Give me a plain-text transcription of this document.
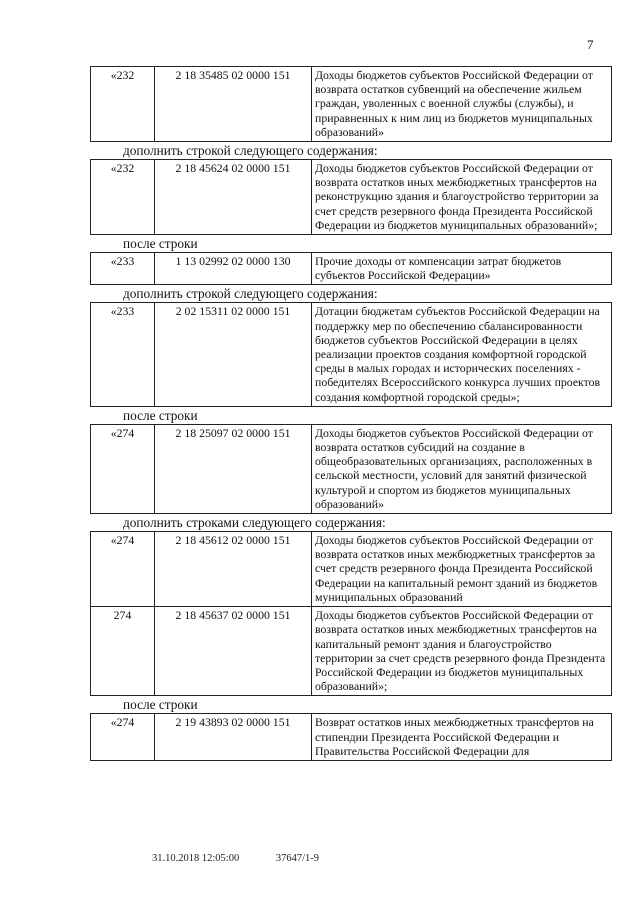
7
«232	2 18 35485 02 0000 151	Доходы бюджетов субъектов Российской Федерации от возврата остатков субвенций на обеспечение жильем граждан, уволенных с военной службы (службы), и приравненных к ним лиц из бюджетов муниципальных образований»
дополнить строкой следующего содержания:
«232	2 18 45624 02 0000 151	Доходы бюджетов субъектов Российской Федерации от возврата остатков иных межбюджетных трансфертов на реконструкцию здания и благоустройство территории за счет средств резервного фонда Президента Российской Федерации из бюджетов муниципальных образований»;
после строки
«233	1 13 02992 02 0000 130	Прочие доходы от компенсации затрат бюджетов субъектов Российской Федерации»
дополнить строкой следующего содержания:
«233	2 02 15311 02 0000 151	Дотации бюджетам субъектов Российской Федерации на поддержку мер по обеспечению сбалансированности бюджетов субъектов Российской Федерации в целях реализации проектов создания комфортной городской среды в малых городах и исторических поселениях - победителях Всероссийского конкурса лучших проектов создания комфортной городской среды»;
после строки
«274	2 18 25097 02 0000 151	Доходы бюджетов субъектов Российской Федерации от возврата остатков субсидий на создание в общеобразовательных организациях, расположенных в сельской местности, условий для занятий физической культурой и спортом из бюджетов муниципальных образований»
дополнить строками следующего содержания:
«274	2 18 45612 02 0000 151	Доходы бюджетов субъектов Российской Федерации от возврата остатков иных межбюджетных трансфертов за счет средств резервного фонда Президента Российской Федерации на капитальный ремонт зданий из бюджетов муниципальных образований
274	2 18 45637 02 0000 151	Доходы бюджетов субъектов Российской Федерации от возврата остатков иных межбюджетных трансфертов на капитальный ремонт здания и благоустройство территории за счет средств резервного фонда Президента Российской Федерации из бюджетов муниципальных образований»;
после строки
«274	2 19 43893 02 0000 151	Возврат остатков иных межбюджетных трансфертов на стипендии Президента Российской Федерации и Правительства Российской Федерации для
31.10.2018 12:05:00	37647/1-9
